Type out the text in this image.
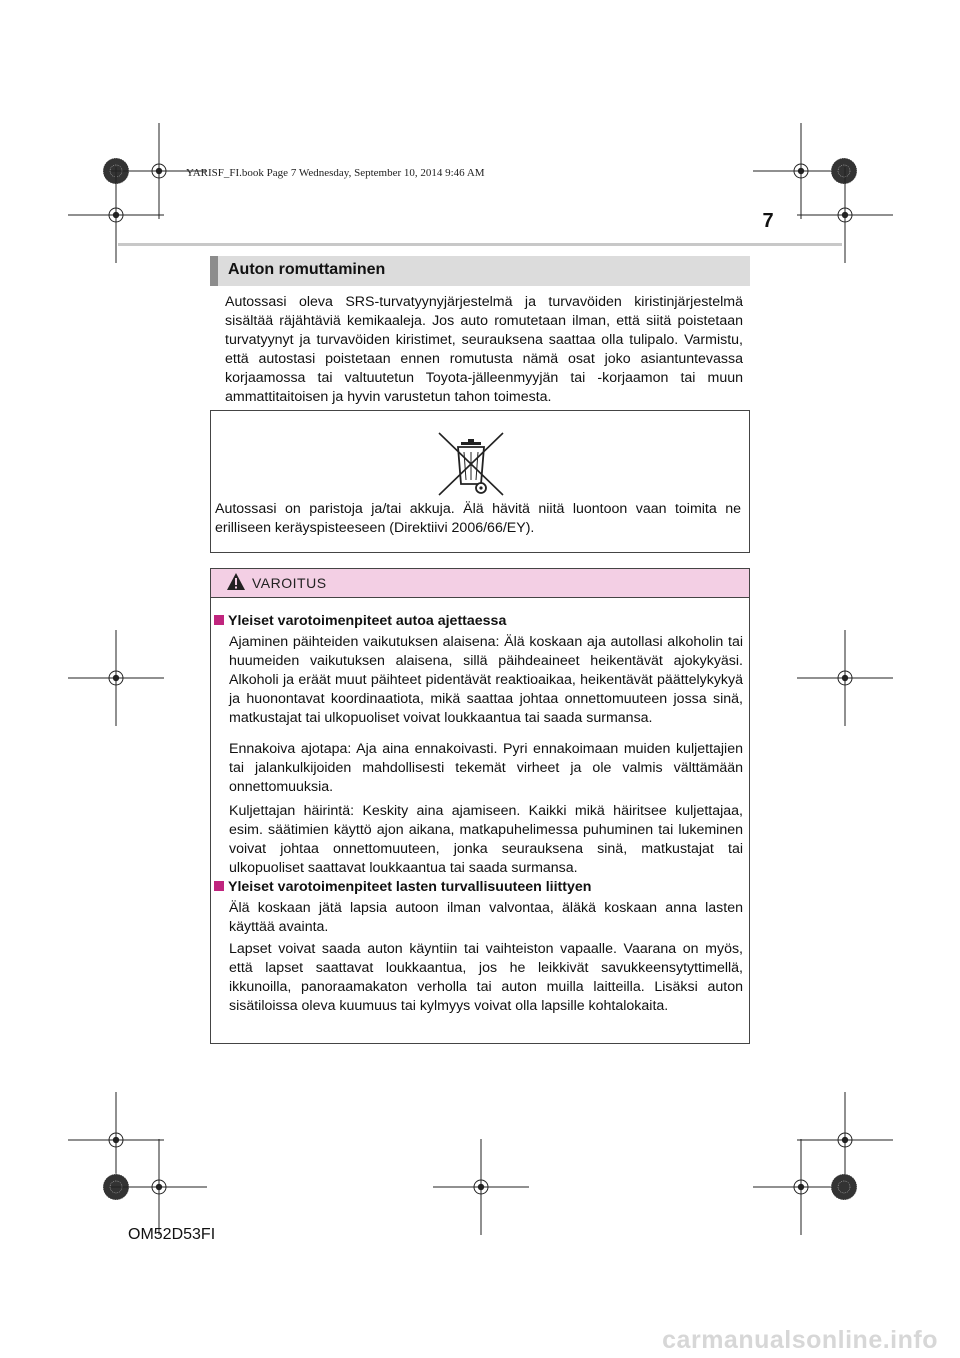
YARISF_FI.book Page 7 Wednesday, September 10, 2014 9:46 AM
7
Auton romuttaminen
Autossasi oleva SRS-turvatyynyjärjestelmä ja turvavöiden kiristinjärjestelmä sisältää räjähtäviä kemikaaleja. Jos auto romutetaan ilman, että siitä poistetaan turvatyynyt ja turvavöiden kiristimet, seurauksena saattaa olla tulipalo. Varmistu, että autostasi poistetaan ennen romutusta nämä osat joko asiantuntevassa korjaamossa tai valtuutetun Toyota-jälleenmyyjän tai -korjaamon tai muun ammattitaitoisen ja hyvin varustetun tahon toimesta.
Autossasi on paristoja ja/tai akkuja. Älä hävitä niitä luontoon vaan toimita ne erilliseen keräyspisteeseen (Direktiivi 2006/66/EY).
VAROITUS
Yleiset varotoimenpiteet autoa ajettaessa
Ajaminen päihteiden vaikutuksen alaisena: Älä koskaan aja autollasi alkoholin tai huumeiden vaikutuksen alaisena, sillä päihdeaineet heikentävät ajokykyäsi. Alkoholi ja eräät muut päihteet pidentävät reaktioaikaa, heikentävät päättelykykyä ja huonontavat koordinaatiota, mikä saattaa johtaa onnettomuuteen jossa sinä, matkustajat tai ulkopuoliset voivat loukkaantua tai saada surmansa.
Ennakoiva ajotapa: Aja aina ennakoivasti. Pyri ennakoimaan muiden kuljettajien tai jalankulkijoiden mahdollisesti tekemät virheet ja ole valmis välttämään onnettomuuksia.
Kuljettajan häirintä: Keskity aina ajamiseen. Kaikki mikä häiritsee kuljettajaa, esim. säätimien käyttö ajon aikana, matkapuhelimessa puhuminen tai lukeminen voivat johtaa onnettomuuteen, jonka seurauksena sinä, matkustajat tai ulkopuoliset saattavat loukkaantua tai saada surmansa.
Yleiset varotoimenpiteet lasten turvallisuuteen liittyen
Älä koskaan jätä lapsia autoon ilman valvontaa, äläkä koskaan anna lasten käyttää avainta.
Lapset voivat saada auton käyntiin tai vaihteiston vapaalle. Vaarana on myös, että lapset saattavat loukkaantua, jos he leikkivät savukkeensytyttimellä, ikkunoilla, panoraamakaton verholla tai auton muilla laitteilla. Lisäksi auton sisätiloissa oleva kuumuus tai kylmyys voivat olla lapsille kohtalokaita.
OM52D53FI
carmanualsonline.info
